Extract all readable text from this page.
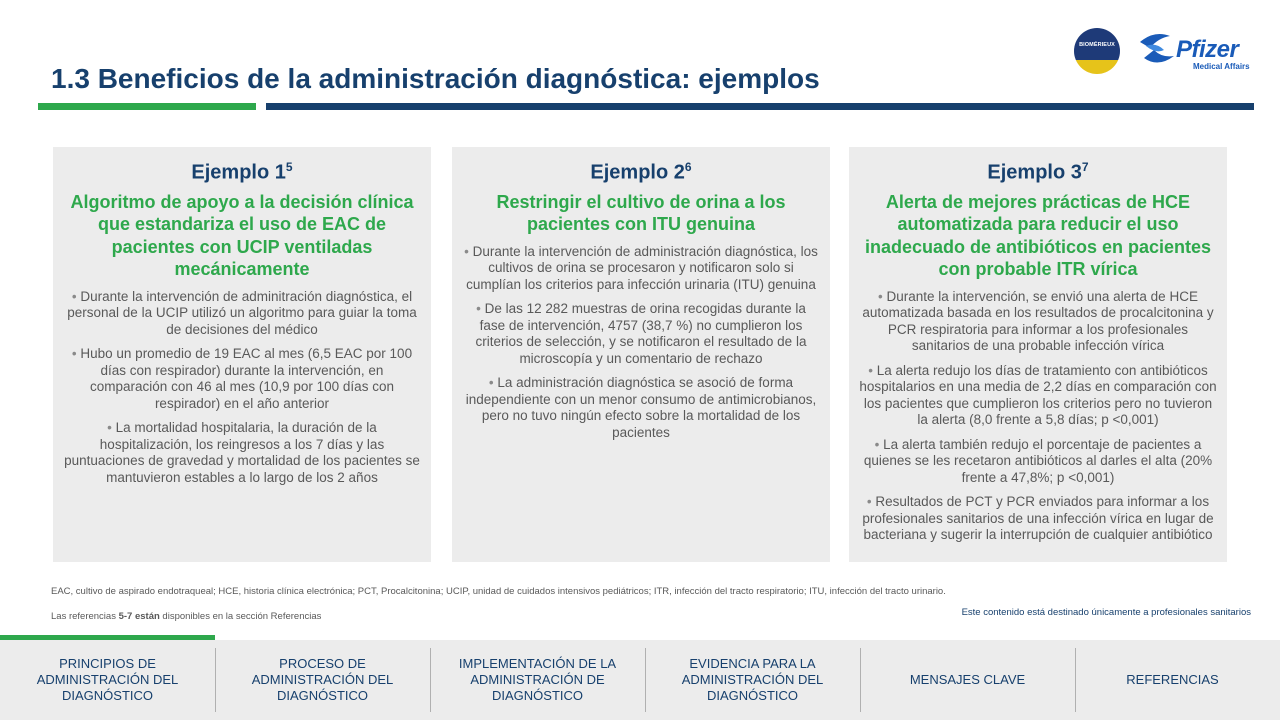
1.3 Beneficios de la administración diagnóstica: ejemplos
BIOMÉRIEUX	Pfizer
Medical Affairs
Ejemplo $1^5$
Algoritmo de apoyo a la decisión clínica que estandariza el uso de EAC de pacientes con UCIP ventiladas mecánicamente
• Durante la intervención de adminitración diagnóstica, el personal de la UCIP utilizó un algoritmo para guiar la toma de decisiones del médico
• Hubo un promedio de 19 EAC al mes (6,5 EAC por 100 días con respirador) durante la intervención, en comparación con 46 al mes (10,9 por 100 días con respirador) en el año anterior
• La mortalidad hospitalaria, la duración de la hospitalización, los reingresos a los 7 días y las puntuaciones de gravedad y mortalidad de los pacientes se mantuvieron estables a lo largo de los 2 años
Ejemplo $2^6$
Restringir el cultivo de orina a los pacientes con ITU genuina
• Durante la intervención de administración diagnóstica, los cultivos de orina se procesaron y notificaron solo si cumplían los criterios para infección urinaria (ITU) genuina
• De las 12 282 muestras de orina recogidas durante la fase de intervención, 4757 (38,7 %) no cumplieron los criterios de selección, y se notificaron el resultado de la microscopía y un comentario de rechazo
• La administración diagnóstica se asoció de forma independiente con un menor consumo de antimicrobianos, pero no tuvo ningún efecto sobre la mortalidad de los pacientes
Ejemplo $3^7$
Alerta de mejores prácticas de HCE automatizada para reducir el uso inadecuado de antibióticos en pacientes con probable ITR vírica
• Durante la intervención, se envió una alerta de HCE automatizada basada en los resultados de procalcitonina y PCR respiratoria para informar a los profesionales sanitarios de una probable infección vírica
• La alerta redujo los días de tratamiento con antibióticos hospitalarios en una media de 2,2 días en comparación con los pacientes que cumplieron los criterios pero no tuvieron la alerta (8,0 frente a 5,8 días; p <0,001)
• La alerta también redujo el porcentaje de pacientes a quienes se les recetaron antibióticos al darles el alta (20% frente a 47,8%; p <0,001)
• Resultados de PCT y PCR enviados para informar a los profesionales sanitarios de una infección vírica en lugar de bacteriana y sugerir la interrupción de cualquier antibiótico
EAC, cultivo de aspirado endotraqueal; HCE, historia clínica electrónica; PCT, Procalcitonina; UCIP, unidad de cuidados intensivos pediátricos; ITR, infección del tracto respiratorio; ITU, infección del tracto urinario.
Las referencias 5-7 están disponibles en la sección Referencias	Este contenido está destinado únicamente a profesionales sanitarios
PRINCIPIOS DE ADMINISTRACIÓN DEL DIAGNÓSTICO
PROCESO DE ADMINISTRACIÓN DEL DIAGNÓSTICO
IMPLEMENTACIÓN DE LA ADMINISTRACIÓN DE DIAGNÓSTICO
EVIDENCIA PARA LA ADMINISTRACIÓN DEL DIAGNÓSTICO
MENSAJES CLAVE	REFERENCIAS
